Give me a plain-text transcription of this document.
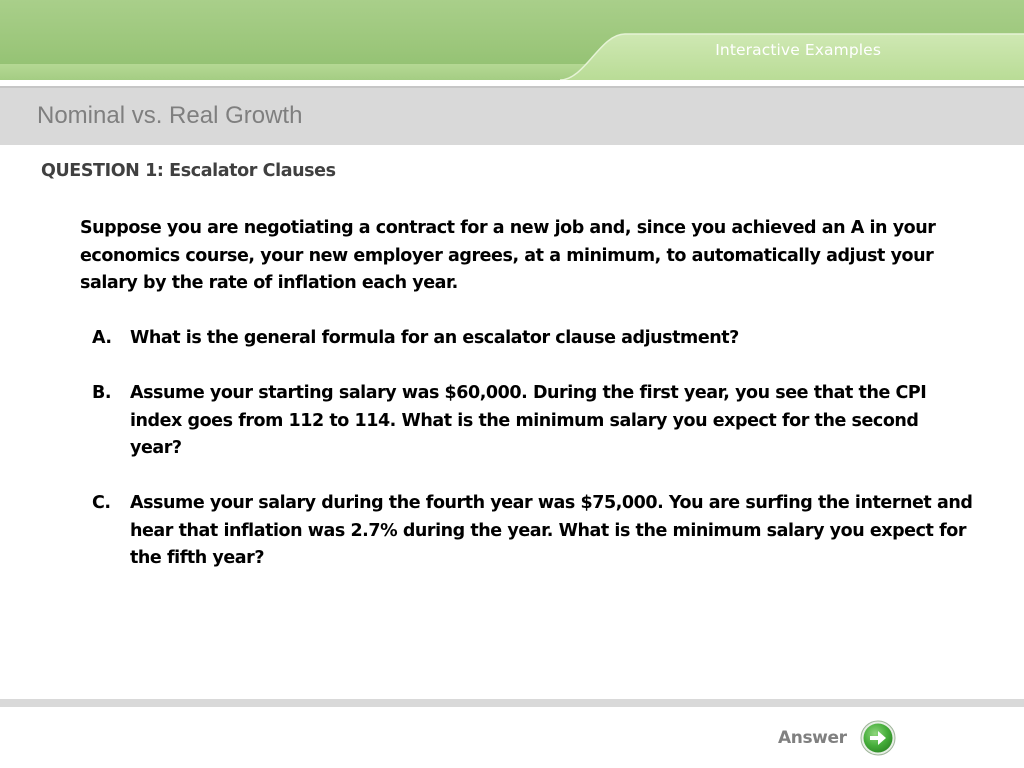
Interactive Examples
Nominal vs. Real Growth
QUESTION 1: Escalator Clauses
Suppose you are negotiating a contract for a new job and, since you achieved an A in your economics course, your new employer agrees, at a minimum, to automatically adjust your salary by the rate of inflation each year.
A.	What is the general formula for an escalator clause adjustment?
B.	Assume your starting salary was $60,000. During the first year, you see that the CPI index goes from 112 to 114. What is the minimum salary you expect for the second year?
C.	Assume your salary during the fourth year was $75,000. You are surfing the internet and hear that inflation was 2.7% during the year. What is the minimum salary you expect for the fifth year?
Answer
